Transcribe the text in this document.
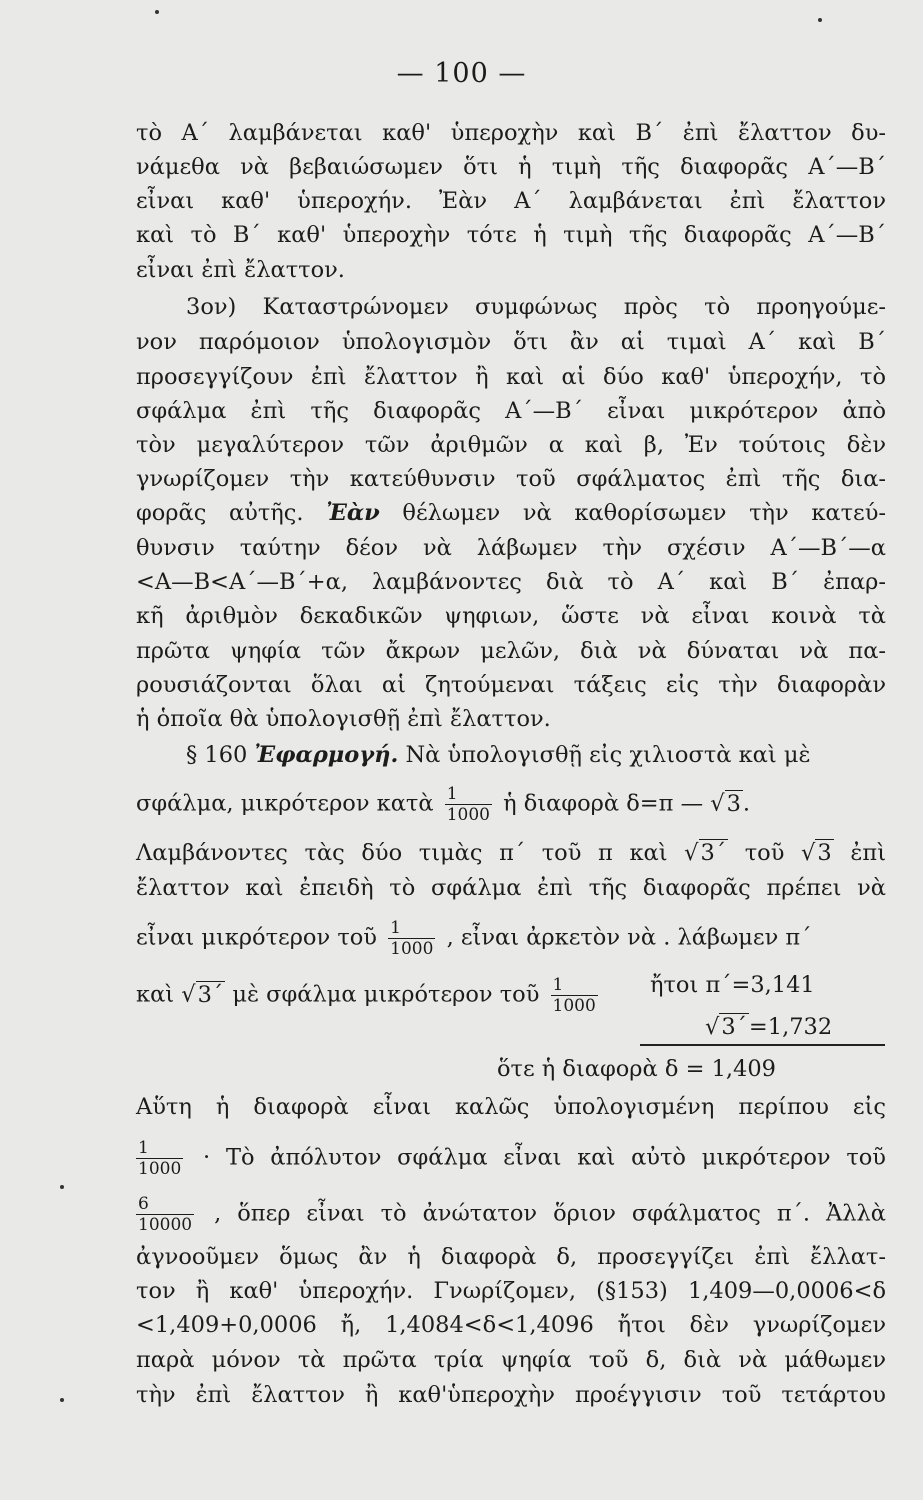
— 100 —
τὸ Α΄ λαμβάνεται καθ' ὑπεροχὴν καὶ Β΄ ἐπὶ ἔλαττον δυ-
νάμεθα νὰ βεβαιώσωμεν ὅτι ἡ τιμὴ τῆς διαφορᾶς Α΄—Β΄
εἶναι καθ' ὑπεροχήν. Ἐὰν Α΄ λαμβάνεται ἐπὶ ἔλαττον
καὶ τὸ Β΄ καθ' ὑπεροχὴν τότε ἡ τιμὴ τῆς διαφορᾶς Α΄—Β΄
εἶναι ἐπὶ ἔλαττον.
3ον) Καταστρώνομεν συμφώνως πρὸς τὸ προηγούμε-
νον παρόμοιον ὑπολογισμὸν ὅτι ἂν αἱ τιμαὶ Α΄ καὶ Β΄
προσεγγίζουν ἐπὶ ἔλαττον ἢ καὶ αἱ δύο καθ' ὑπεροχήν, τὸ
σφάλμα ἐπὶ τῆς διαφορᾶς Α΄—Β΄ εἶναι μικρότερον ἀπὸ
τὸν μεγαλύτερον τῶν ἀριθμῶν α καὶ β, Ἐν τούτοις δὲν
γνωρίζομεν τὴν κατεύθυνσιν τοῦ σφάλματος ἐπὶ τῆς δια-
φορᾶς αὐτῆς. Ἐὰν θέλωμεν νὰ καθορίσωμεν τὴν κατεύ-
θυνσιν ταύτην δέον νὰ λάβωμεν τὴν σχέσιν Α΄—Β΄—α
<Α—Β<Α΄—Β΄+α, λαμβάνοντες διὰ τὸ Α΄ καὶ Β΄ ἐπαρ-
κῆ ἀριθμὸν δεκαδικῶν ψηφιων, ὥστε νὰ εἶναι κοινὰ τὰ
πρῶτα ψηφία τῶν ἄκρων μελῶν, διὰ νὰ δύναται νὰ πα-
ρουσιάζονται ὅλαι αἱ ζητούμεναι τάξεις εἰς τὴν διαφορὰν
ἡ ὁποῖα θὰ ὑπολογισθῇ ἐπὶ ἔλαττον.
§ 160 Ἐφαρμογή. Νὰ ὑπολογισθῇ εἰς χιλιοστὰ καὶ μὲ
σφάλμα, μικρότερον κατὰ $\frac{1}{1000}$ ἡ διαφορὰ δ=π — √3.
Λαμβάνοντες τὰς δύο τιμὰς π΄ τοῦ π καὶ √3΄ τοῦ √3 ἐπὶ
ἔλαττον καὶ ἐπειδὴ τὸ σφάλμα ἐπὶ τῆς διαφορᾶς πρέπει νὰ
εἶναι μικρότερον τοῦ $\frac{1}{1000}$ , εἶναι ἀρκετὸν νὰ . λάβωμεν π΄
καὶ √3΄ μὲ σφάλμα μικρότερον τοῦ $\frac{1}{1000}$ ἤτοι π΄=3,141
√3΄=1,732
ὅτε ἡ διαφορὰ δ = 1,409
Αὕτη ἡ διαφορὰ εἶναι καλῶς ὑπολογισμένη περίπου εἰς
$\frac{1}{1000}$ · Τὸ ἀπόλυτον σφάλμα εἶναι καὶ αὐτὸ μικρότερον τοῦ
$\frac{6}{10000}$ , ὅπερ εἶναι τὸ ἀνώτατον ὅριον σφάλματος π΄. Ἀλλὰ
ἀγνοοῦμεν ὅμως ἂν ἡ διαφορὰ δ, προσεγγίζει ἐπὶ ἔλλατ-
τον ἢ καθ' ὑπεροχήν. Γνωρίζομεν, (§153) 1,409—0,0006<δ
<1,409+0,0006 ἤ, 1,4084<δ<1,4096 ἤτοι δὲν γνωρίζομεν
παρὰ μόνον τὰ πρῶτα τρία ψηφία τοῦ δ, διὰ νὰ μάθωμεν
τὴν ἐπὶ ἔλαττον ἢ καθ'ὑπεροχὴν προέγγισιν τοῦ τετάρτου
